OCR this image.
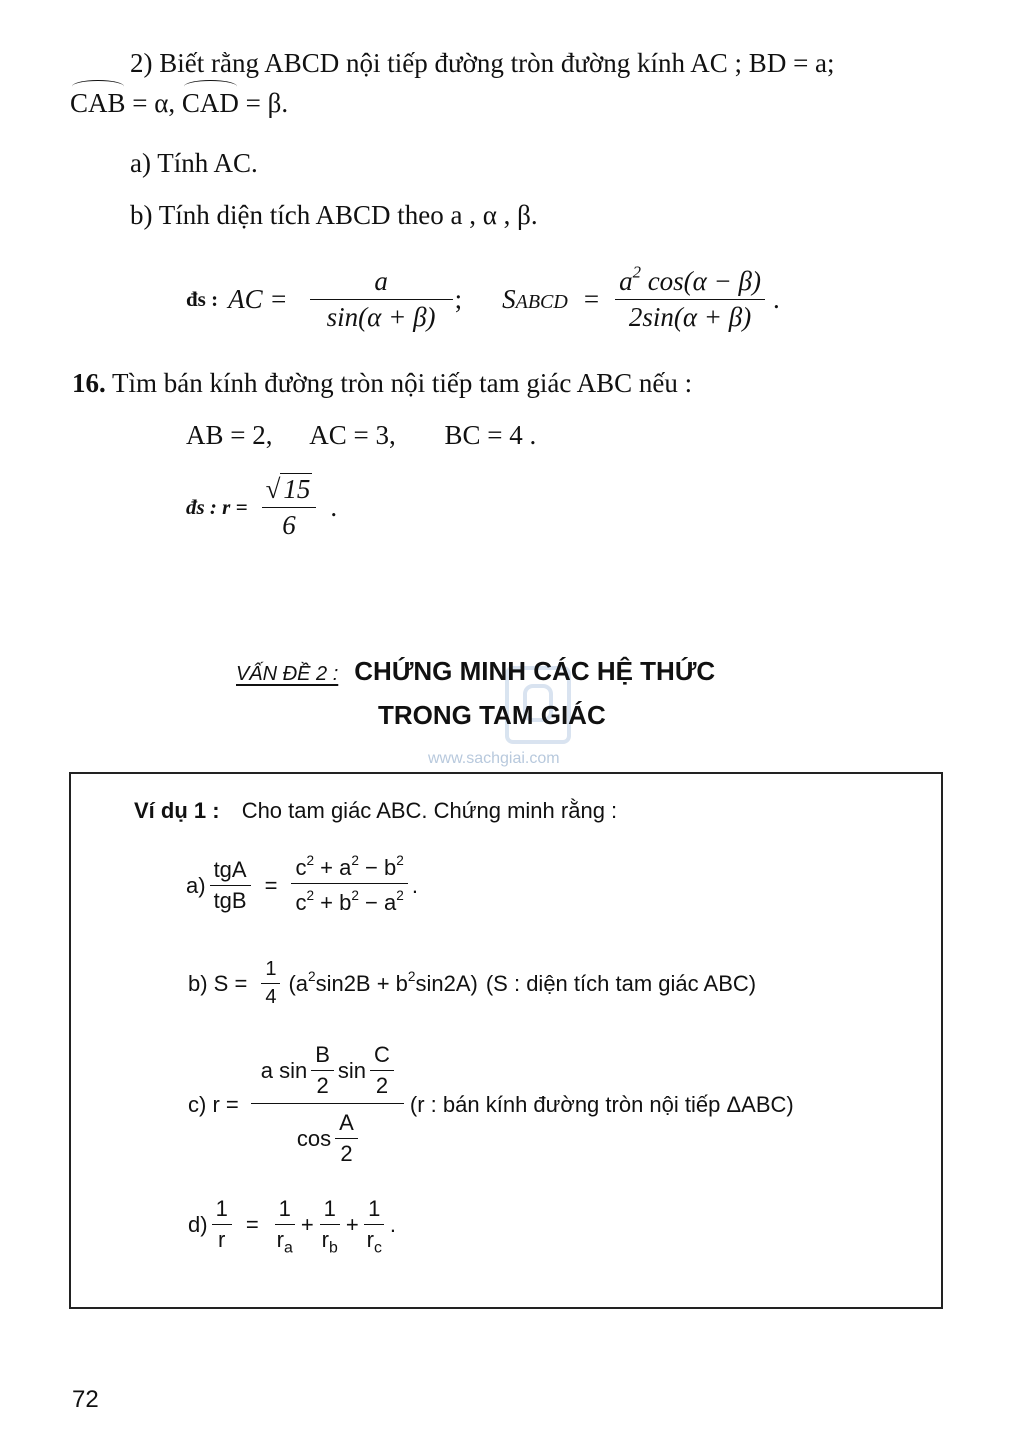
2) Biết rằng ABCD nội tiếp đường tròn đường kính AC ; BD = a;
CAB = α, CAD = β.
a) Tính AC.
b) Tính diện tích ABCD theo a , α , β.
đs : AC = $\frac{a}{\sin(\alpha + \beta)}$ ; SABCD = $\frac{a^2 \cos(\alpha - \beta)}{2\sin(\alpha + \beta)}$ .
16. Tìm bán kính đường tròn nội tiếp tam giác ABC nếu :
AB = 2, AC = 3, BC = 4 .
đs : $r = \frac{√ 15}{6}$ .
VẤN ĐỀ 2 : CHỨNG MINH CÁC HỆ THỨC
TRONG TAM GIÁC
www.sachgiai.com
Ví dụ 1 : Cho tam giác ABC. Chứng minh rằng :
$a) \frac{\text{tgA}}{\text{tgB}} = \frac{c^2 + a^2 - b^2}{c^2 + b^2 - a^2}$ .
b) $S = \frac{1}{4} (a^2\sin 2B + b^2\sin 2A)$ (S : diện tích tam giác ABC)
c) r =
a $\sin \frac{B}{2}$ $\sin \frac{C}{2}$
$\cos \frac{A}{2}$
(r : bán kính đường tròn nội tiếp ΔABC)
$d) \frac{1}{r} = \frac{1}{r_a} + \frac{1}{r_b} + \frac{1}{r_c}$ .
72
